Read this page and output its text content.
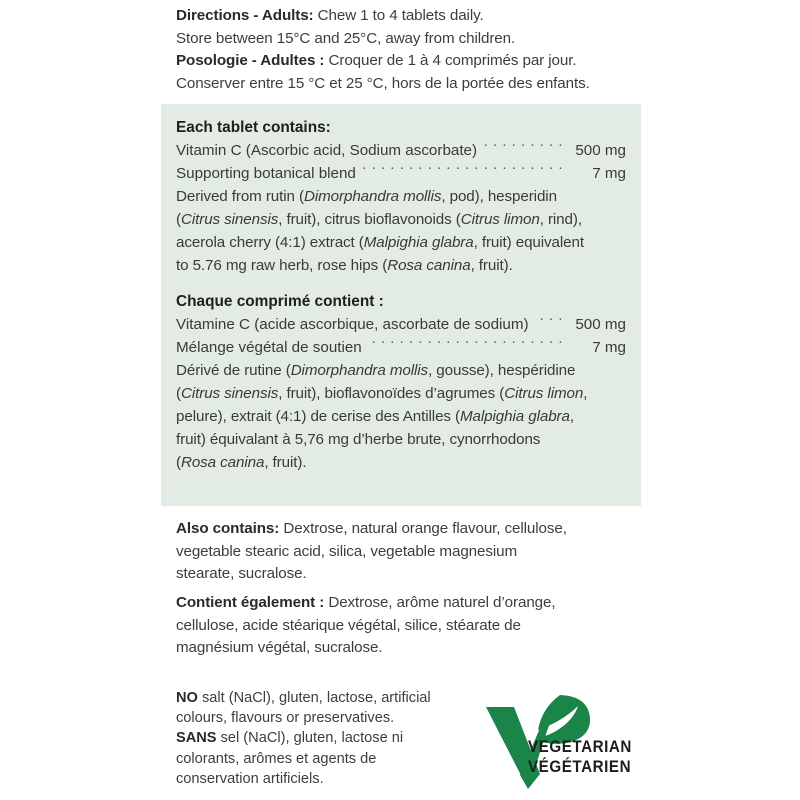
Directions - Adults: Chew 1 to 4 tablets daily.
Store between 15°C and 25°C, away from children.
Posologie - Adultes : Croquer de 1 à 4 comprimés par jour.
Conserver entre 15 °C et 25 °C, hors de la portée des enfants.
Each tablet contains:
Vitamin C (Ascorbic acid, Sodium ascorbate) . . .	500 mg
Supporting botanical blend . . .	7 mg
Derived from rutin (Dimorphandra mollis, pod), hesperidin
(Citrus sinensis, fruit), citrus bioflavonoids (Citrus limon, rind),
acerola cherry (4:1) extract (Malpighia glabra, fruit) equivalent
to 5.76 mg raw herb, rose hips (Rosa canina, fruit).
Chaque comprimé contient :
Vitamine C (acide ascorbique, ascorbate de sodium) . . .	500 mg
Mélange végétal de soutien . . .	7 mg
Dérivé de rutine (Dimorphandra mollis, gousse), hespéridine
(Citrus sinensis, fruit), bioflavonoïdes d’agrumes (Citrus limon,
pelure), extrait (4:1) de cerise des Antilles (Malpighia glabra,
fruit) équivalant à 5,76 mg d’herbe brute, cynorrhodons
(Rosa canina, fruit).
Also contains: Dextrose, natural orange flavour, cellulose,
vegetable stearic acid, silica, vegetable magnesium
stearate, sucralose.
Contient également : Dextrose, arôme naturel d’orange,
cellulose, acide stéarique végétal, silice, stéarate de
magnésium végétal, sucralose.
NO salt (NaCl), gluten, lactose, artificial
colours, flavours or preservatives.
SANS sel (NaCl), gluten, lactose ni
colorants, arômes et agents de
conservation artificiels.
VEGETARIAN
VÉGÉTARIEN
